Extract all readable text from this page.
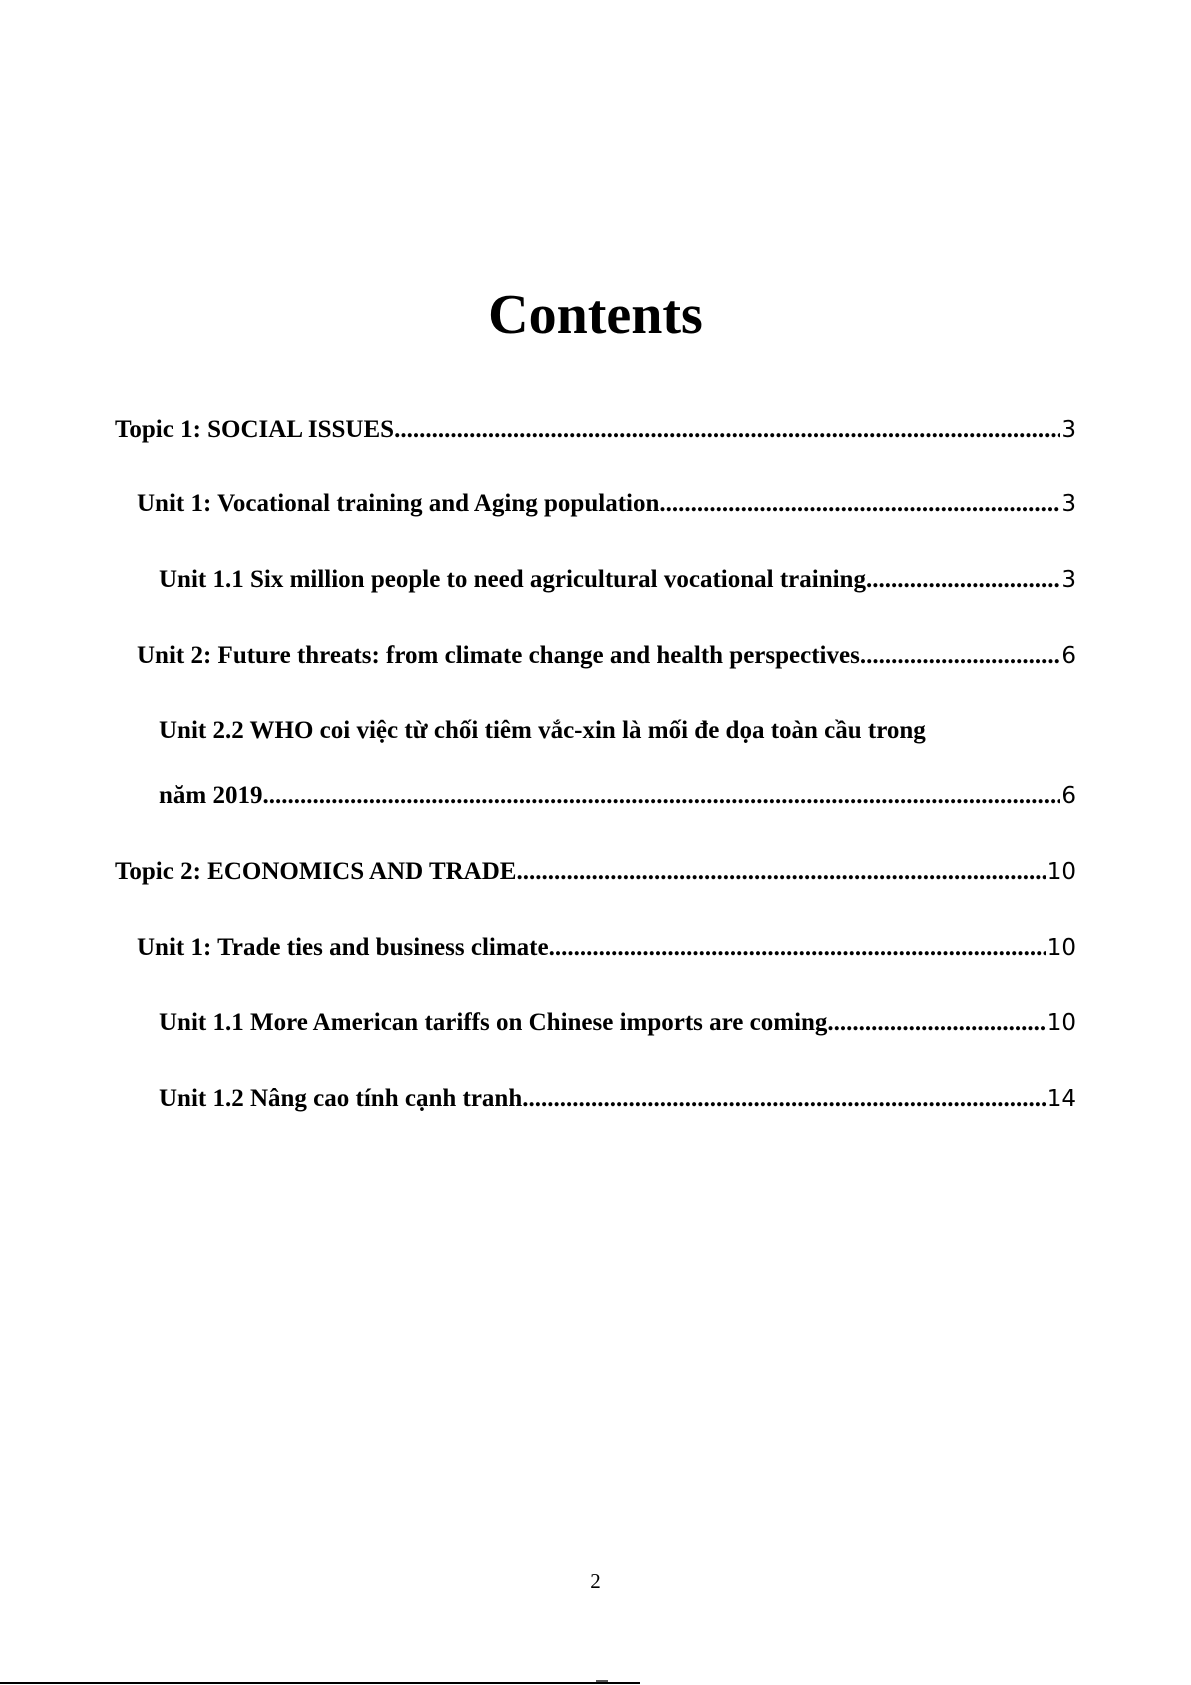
Contents
Topic 1: SOCIAL ISSUES .....	3
Unit 1: Vocational training and Aging population .....	3
Unit 1.1 Six million people to need agricultural vocational training .....	3
Unit 2: Future threats: from climate change and health perspectives .....	6
Unit 2.2 WHO coi việc từ chối tiêm vắc-xin là mối đe dọa toàn cầu trong
năm 2019 .....	6
Topic 2: ECONOMICS AND TRADE .....	10
Unit 1: Trade ties and business climate .....	10
Unit 1.1 More American tariffs on Chinese imports are coming .....	10
Unit 1.2 Nâng cao tính cạnh tranh .....	14
2
